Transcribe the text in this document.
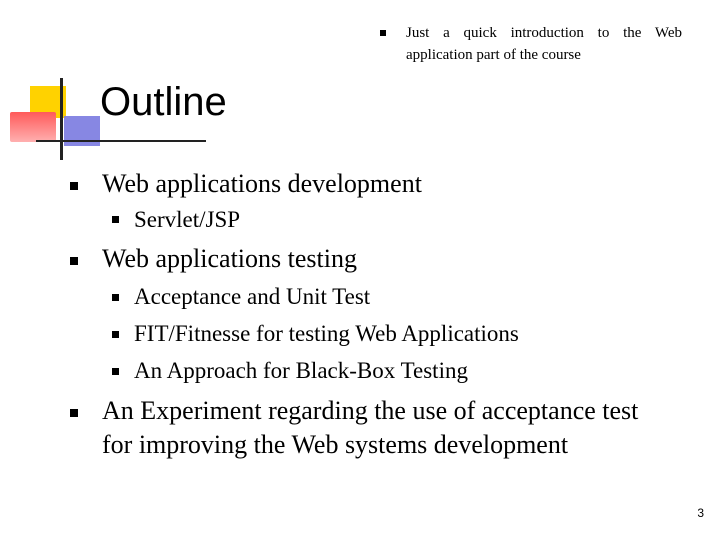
Just a quick introduction to the Web application part of the course
Outline
Web applications development
Servlet/JSP
Web applications testing
Acceptance and Unit Test
FIT/Fitnesse for testing Web Applications
An Approach for Black-Box Testing
An Experiment regarding the use of acceptance test
for improving the Web systems development
3
